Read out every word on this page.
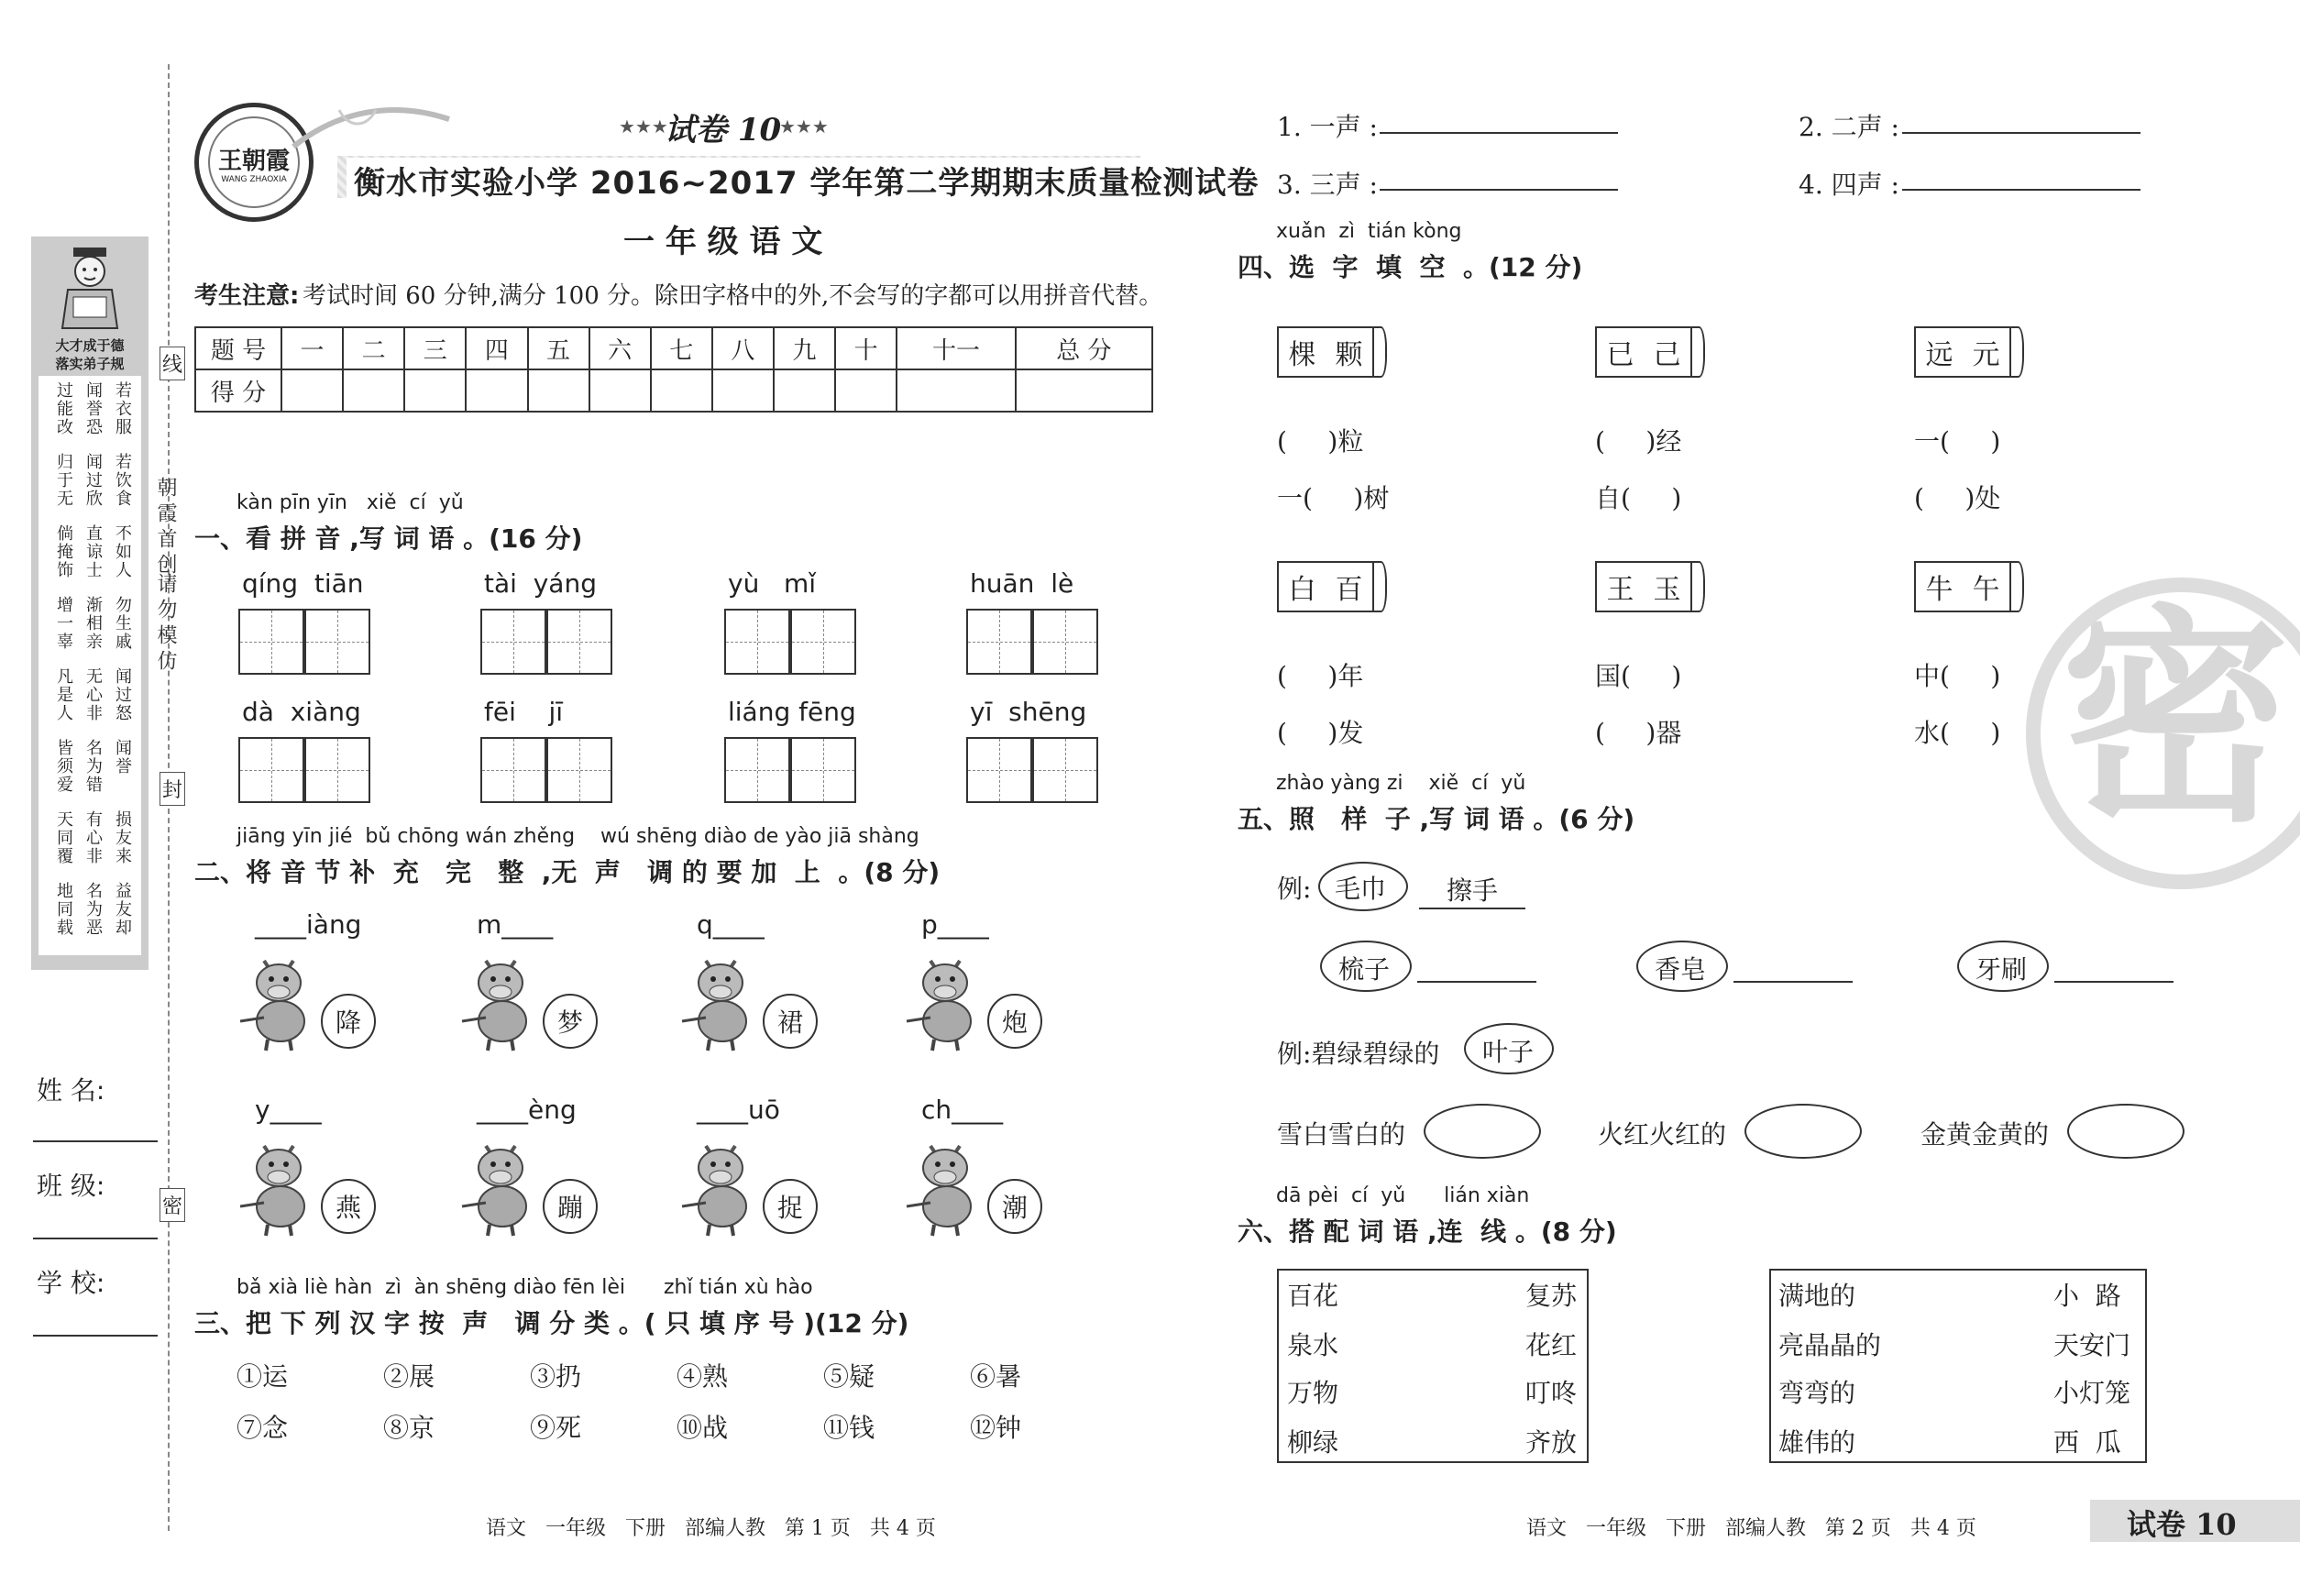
大才成于德
落实弟子规
过能改 闻誉恐 若衣服
归于无 闻过欣 若饮食
倘掩饰 直谅士 不如人
增一辜 渐相亲 勿生戚
凡是人 无心非 闻过怒
皆须爱 名为错 闻誉
天同覆 有心非 损友来
地同载 名为恶 益友却
朝霞首创
请勿模仿
线
封
密
姓 名:
班 级:
学 校:
王朝霞
WANG ZHAOXIA
★★★
试卷 10
★★★
衡水市实验小学 2016~2017 学年第二学期期末质量检测试卷
一 年 级 语 文
考生注意: 考试时间 60 分钟,满分 100 分。除田字格中的外,不会写的字都可以用拼音代替。
题 号	一	二	三	四	五	六	七	八	九	十	十一	总 分
得 分												
kàn pīn yīn   xiě  cí  yǔ
一、看 拼 音 ,写 词 语 。(16 分)
jiāng yīn jié  bǔ chōng wán zhěng    wú shēng diào de yào jiā shàng
二、将 音 节 补  充   完   整  ,无  声   调 的 要 加  上  。(8 分)
bǎ xià liè hàn  zì  àn shēng diào fēn lèi      zhǐ tián xù hào
三、把 下 列 汉 字 按  声   调 分 类 。( 只 填 序 号 )(12 分)
语文   一年级   下册   部编人教   第 1 页   共 4 页
1. 一声 :	2. 二声 :
3. 三声 :	4. 四声 :
xuǎn  zì  tián kòng
四、选  字  填  空  。(12 分)
密
zhào yàng zi    xiě  cí  yǔ
五、照   样  子 ,写 词 语 。(6 分)
例: 毛巾	擦手
例:碧绿碧绿的 叶子
dā pèi  cí  yǔ      lián xiàn
六、搭 配 词 语 ,连  线 。(8 分)
语文   一年级   下册   部编人教   第 2 页   共 4 页	试卷 10
qíng  tiān	tài  yáng	yù   mǐ	huān  lè
dà  xiàng	fēi    jī	liáng fēng	yī  shēng
____iàng
降
m____
梦
q____
裙
p____
炮
y____
燕
____èng
蹦
____uō
捉
ch____
潮
①运	②展	③扔	④熟	⑤疑	⑥暑
⑦念	⑧京	⑨死	⑩战	⑪钱	⑫钟
棵 颗
(     )粒
一(     )树
已 己
(     )经
自(     )
远 元
一(     )
(     )处
白 百
(     )年
(     )发
王 玉
国(     )
(     )器
牛 午
中(     )
水(     )
梳子	香皂	牙刷
雪白雪白的	火红火红的	金黄金黄的
百花	复苏	满地的	小  路
泉水	花红	亮晶晶的	天安门
万物	叮咚	弯弯的	小灯笼
柳绿	齐放	雄伟的	西  瓜
